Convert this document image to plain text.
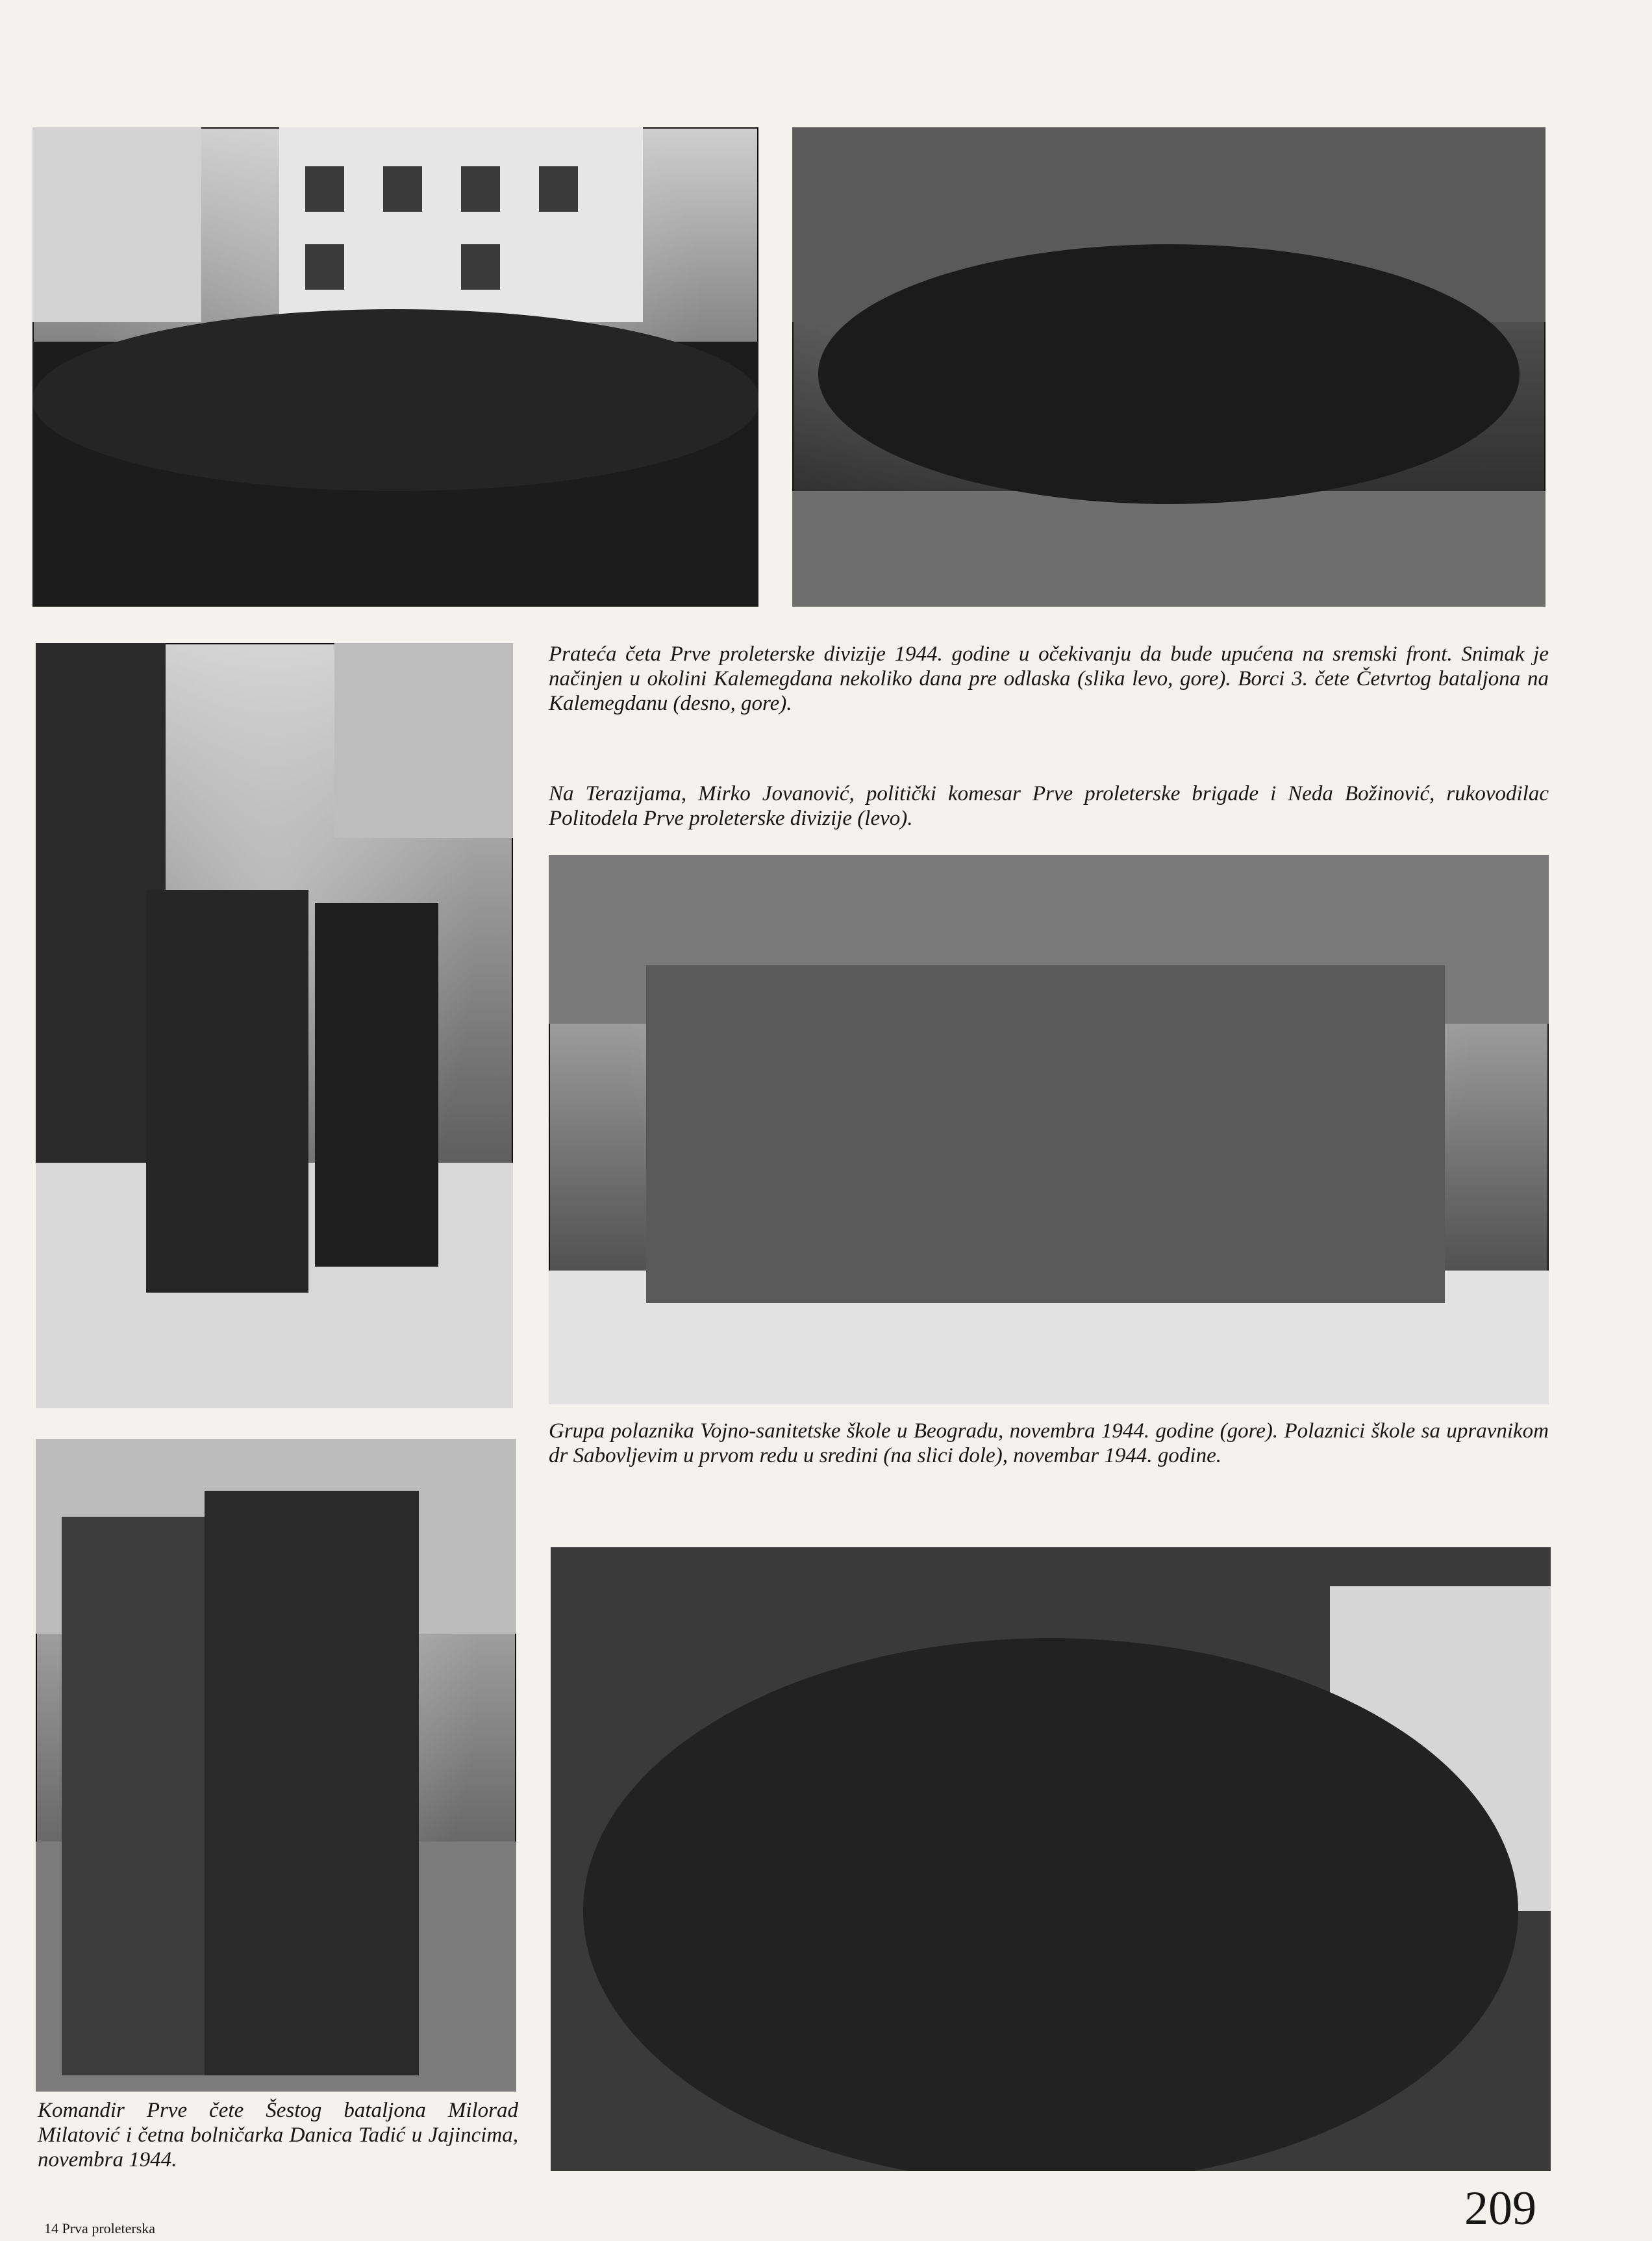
Prateća četa Prve proleterske divizije 1944. godine u očekivanju da bude upućena na sremski front. Snimak je načinjen u okolini Kalemegdana nekoliko dana pre odlaska (slika levo, gore). Borci 3. čete Četvrtog bataljona na Kalemegdanu (desno, gore).

Na Terazijama, Mirko Jovanović, politički komesar Prve proleterske brigade i Neda Božinović, rukovodilac Politodela Prve proleterske divizije (levo).

Grupa polaznika Vojno-sanitetske škole u Beogradu, novembra 1944. godine (gore). Polaznici škole sa upravnikom dr Sabovljevim u prvom redu u sredini (na slici dole), novembar 1944. godine.

Komandir Prve čete Šestog bataljona Milorad Milatović i četna bolničarka Danica Tadić u Jajincima, novembra 1944.

14 Prva proleterska	209
